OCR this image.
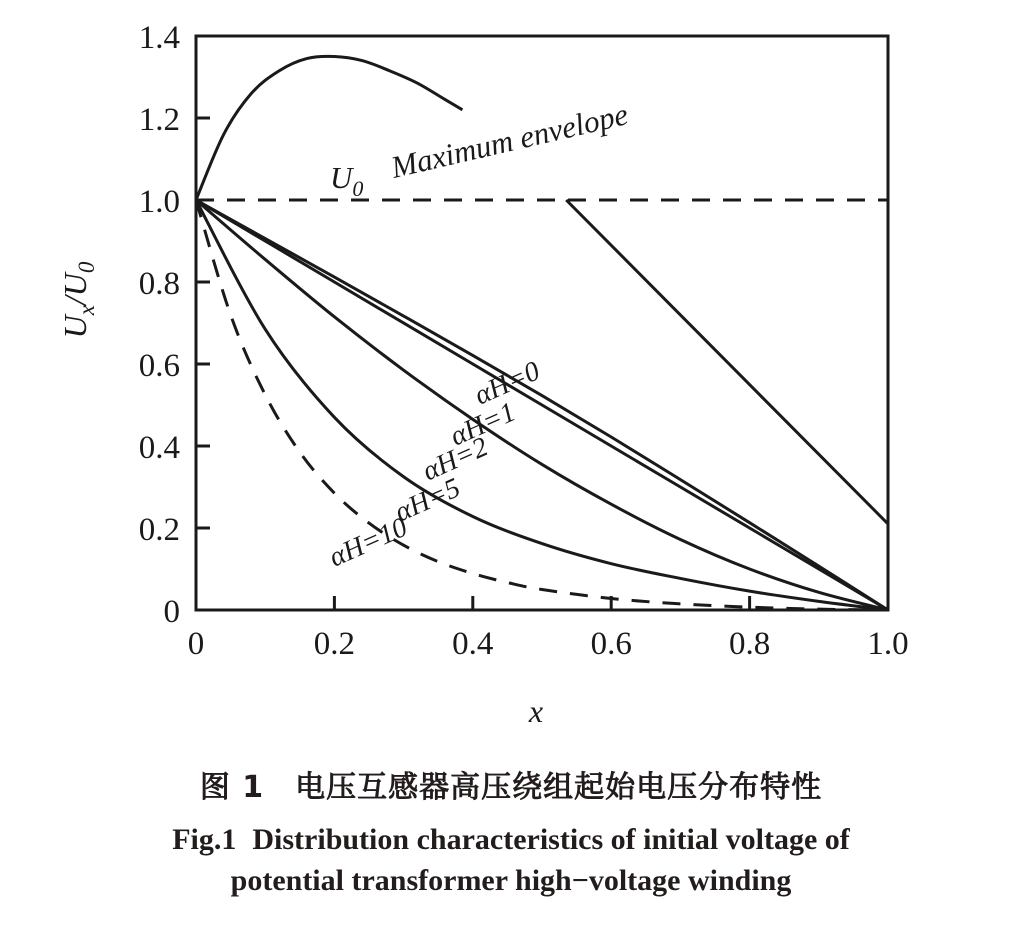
0
0.2
0.4
0.6
0.8
1.0
1.2
1.4
0	0.2	0.4	0.6	0.8	1.0
αH=0
αH=1
αH=2
αH=5
αH=10
Maximum envelope
$U_0$
$U_x/U_0$
x
图 1　电压互感器高压绕组起始电压分布特性
Fig.1 Distribution characteristics of initial voltage of
potential transformer high−voltage winding
